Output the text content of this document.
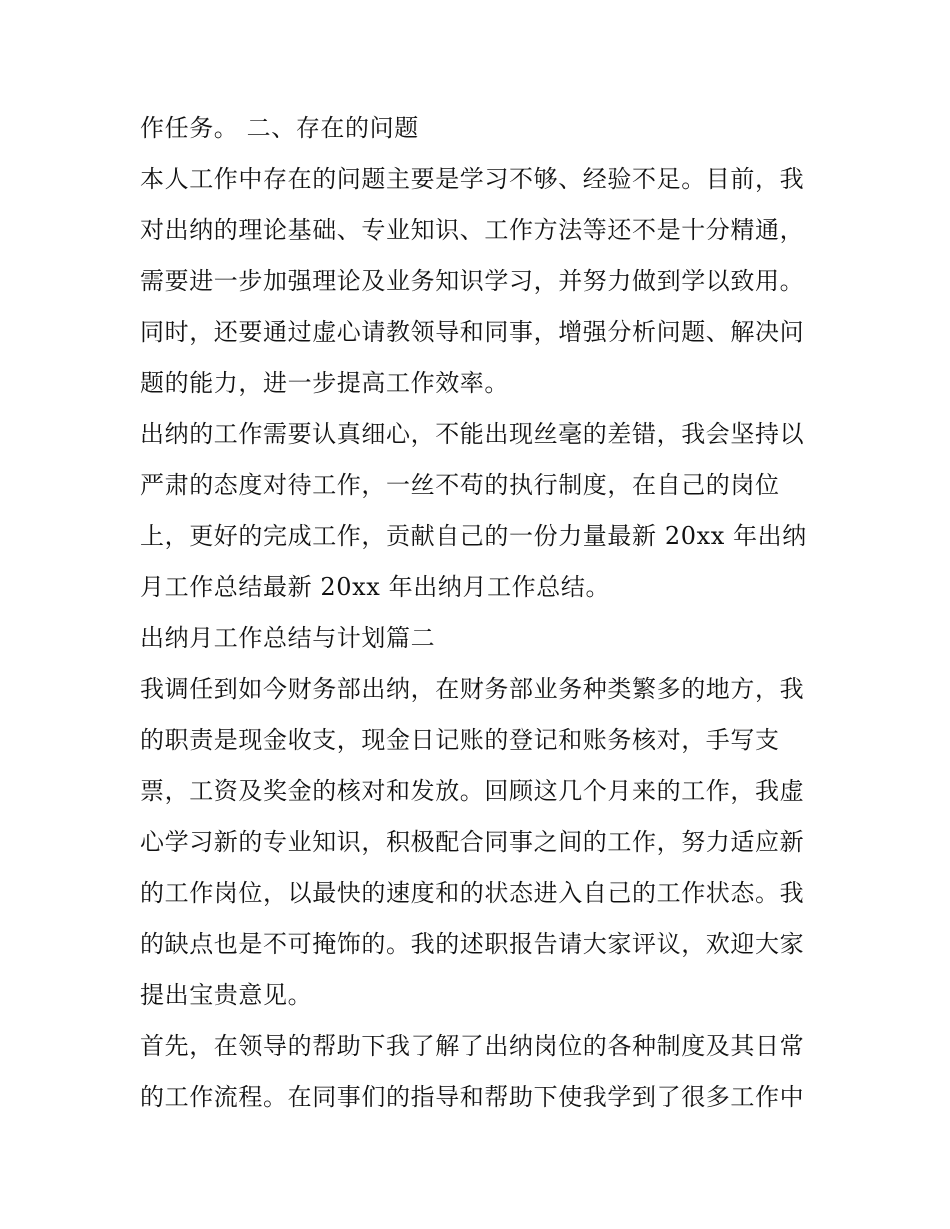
作任务。 二、存在的问题
本人工作中存在的问题主要是学习不够、经验不足。目前，我
对出纳的理论基础、专业知识、工作方法等还不是十分精通，
需要进一步加强理论及业务知识学习，并努力做到学以致用。
同时，还要通过虚心请教领导和同事，增强分析问题、解决问
题的能力，进一步提高工作效率。
出纳的工作需要认真细心，不能出现丝毫的差错，我会坚持以
严肃的态度对待工作，一丝不苟的执行制度，在自己的岗位
上，更好的完成工作，贡献自己的一份力量最新 20xx 年出纳
月工作总结最新 20xx 年出纳月工作总结。
出纳月工作总结与计划篇二
我调任到如今财务部出纳，在财务部业务种类繁多的地方，我
的职责是现金收支，现金日记账的登记和账务核对，手写支
票，工资及奖金的核对和发放。回顾这几个月来的工作，我虚
心学习新的专业知识，积极配合同事之间的工作，努力适应新
的工作岗位，以最快的速度和的状态进入自己的工作状态。我
的缺点也是不可掩饰的。我的述职报告请大家评议，欢迎大家
提出宝贵意见。
首先，在领导的帮助下我了解了出纳岗位的各种制度及其日常
的工作流程。在同事们的指导和帮助下使我学到了很多工作中
